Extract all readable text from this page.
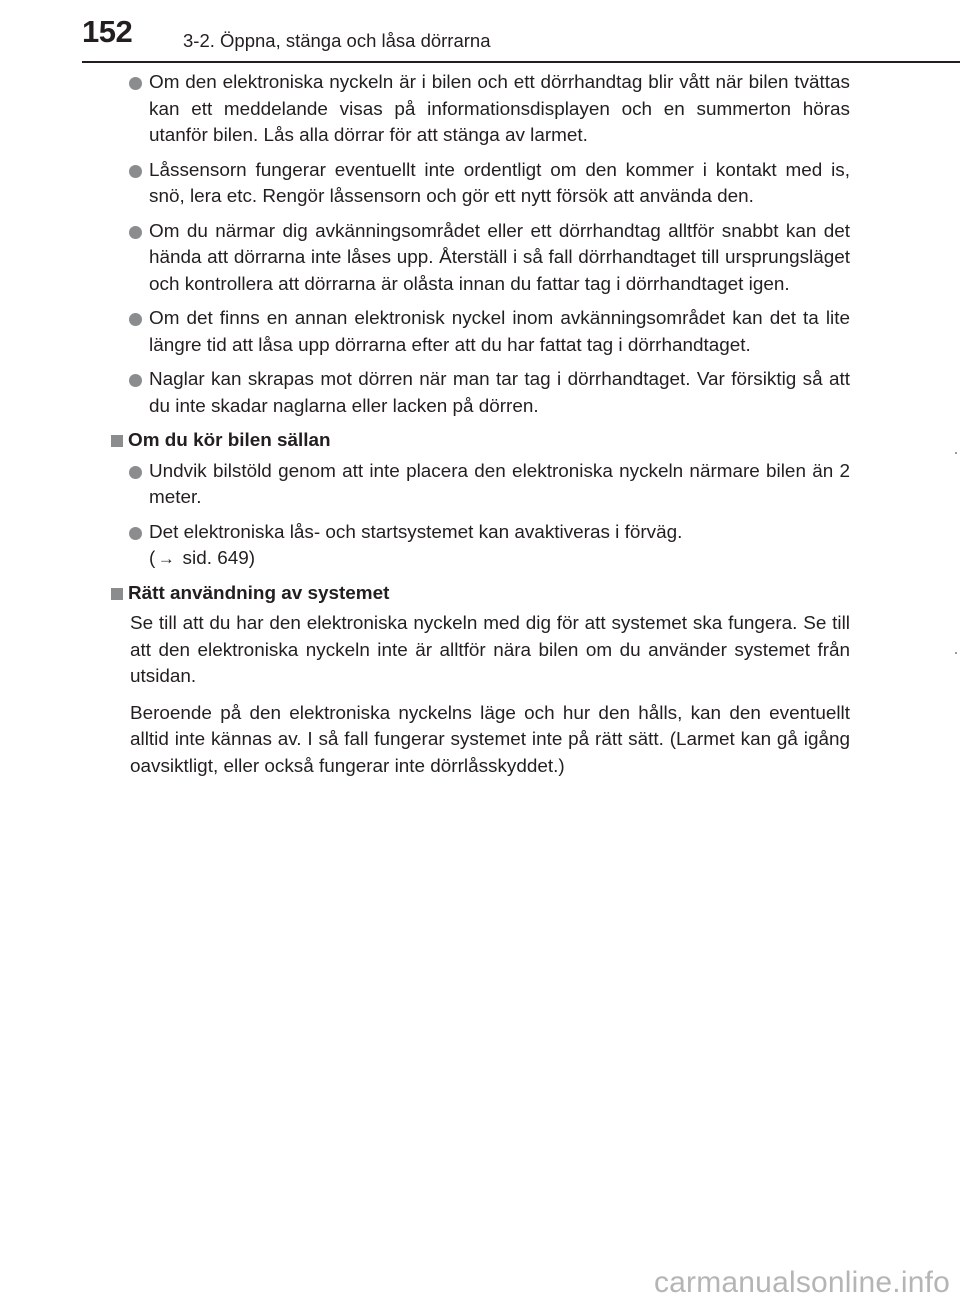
152	3-2. Öppna, stänga och låsa dörrarna
Om den elektroniska nyckeln är i bilen och ett dörrhandtag blir vått när bilen tvättas kan ett meddelande visas på informationsdisplayen och en summerton höras utanför bilen. Lås alla dörrar för att stänga av larmet.
Låssensorn fungerar eventuellt inte ordentligt om den kommer i kontakt med is, snö, lera etc. Rengör låssensorn och gör ett nytt försök att använda den.
Om du närmar dig avkänningsområdet eller ett dörrhandtag alltför snabbt kan det hända att dörrarna inte låses upp. Återställ i så fall dörrhandtaget till ursprungsläget och kontrollera att dörrarna är olåsta innan du fattar tag i dörrhandtaget igen.
Om det finns en annan elektronisk nyckel inom avkänningsområdet kan det ta lite längre tid att låsa upp dörrarna efter att du har fattat tag i dörrhandtaget.
Naglar kan skrapas mot dörren när man tar tag i dörrhandtaget. Var försiktig så att du inte skadar naglarna eller lacken på dörren.
Om du kör bilen sällan
Undvik bilstöld genom att inte placera den elektroniska nyckeln närmare bilen än 2 meter.
Det elektroniska lås- och startsystemet kan avaktiveras i förväg.
( → sid. 649)
Rätt användning av systemet
Se till att du har den elektroniska nyckeln med dig för att systemet ska fungera. Se till att den elektroniska nyckeln inte är alltför nära bilen om du använder systemet från utsidan.
Beroende på den elektroniska nyckelns läge och hur den hålls, kan den eventuellt alltid inte kännas av. I så fall fungerar systemet inte på rätt sätt. (Larmet kan gå igång oavsiktligt, eller också fungerar inte dörrlåsskyddet.)
carmanualsonline.info
